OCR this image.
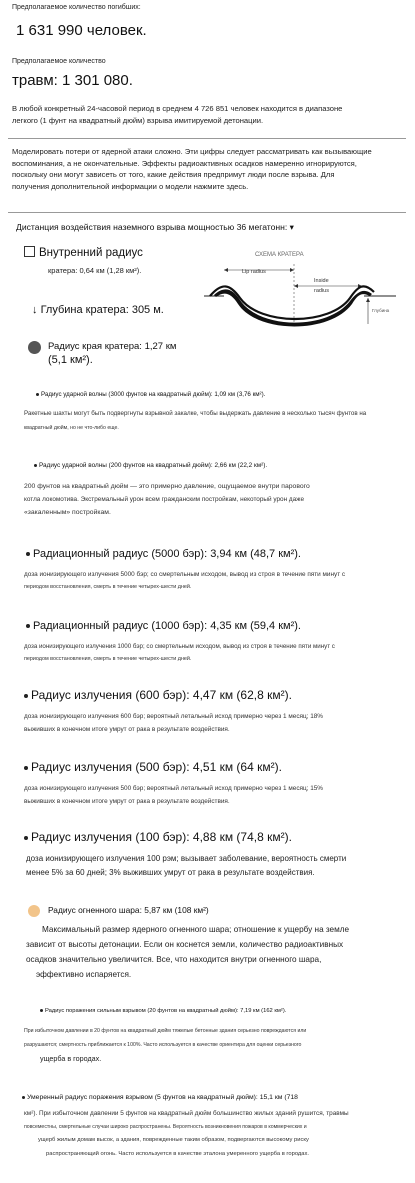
Предполагаемое количество погибших:
1 631 990 человек.
Предполагаемое количество
травм: 1 301 080.
В любой конкретный 24-часовой период в среднем 4 726 851 человек находится в диапазоне
легкого (1 фунт на квадратный дюйм) взрыва имитируемой детонации.
Моделировать потери от ядерной атаки сложно. Эти цифры следует рассматривать как вызывающие
воспоминания, а не окончательные. Эффекты радиоактивных осадков намеренно игнорируются,
поскольку они могут зависеть от того, какие действия предпримут люди после взрыва. Для
получения дополнительной информации о модели нажмите здесь.
Дистанция воздействия наземного взрыва мощностью 36 мегатонн: ▾
Внутренний радиус
кратера: 0,64 км (1,28 км²).
СХЕМА КРАТЕРА
Lip radius
Inside
radius
Глубина
↓ Глубина кратера: 305 м.
Радиус края кратера: 1,27 км
(5,1 км²).
Радиус ударной волны (3000 фунтов на квадратный дюйм): 1,09 км (3,76 км²).
Ракетные шахты могут быть подвергнуты взрывной закалке, чтобы выдержать давление в несколько тысяч фунтов на
квадратный дюйм, но не что-либо еще.
Радиус ударной волны (200 фунтов на квадратный дюйм): 2,66 км (22,2 км²).
200 фунтов на квадратный дюйм — это примерно давление, ощущаемое внутри парового
котла локомотива. Экстремальный урон всем гражданским постройкам, некоторый урон даже
«закаленным» постройкам.
Радиационный радиус (5000 бэр): 3,94 км (48,7 км²).
доза ионизирующего излучения 5000 бэр; со смертельным исходом, вывод из строя в течение пяти минут с
периодом восстановления, смерть в течение четырех-шести дней.
Радиационный радиус (1000 бэр): 4,35 км (59,4 км²).
доза ионизирующего излучения 1000 бэр; со смертельным исходом, вывод из строя в течение пяти минут с
периодом восстановления, смерть в течение четырех-шести дней.
Радиус излучения (600 бэр): 4,47 км (62,8 км²).
доза ионизирующего излучения 600 бэр; вероятный летальный исход примерно через 1 месяц; 18%
выживших в конечном итоге умрут от рака в результате воздействия.
Радиус излучения (500 бэр): 4,51 км (64 км²).
доза ионизирующего излучения 500 бэр; вероятный летальный исход примерно через 1 месяц; 15%
выживших в конечном итоге умрут от рака в результате воздействия.
Радиус излучения (100 бэр): 4,88 км (74,8 км²).
доза ионизирующего излучения 100 рэм; вызывает заболевание, вероятность смерти
менее 5% за 60 дней; 3% выживших умрут от рака в результате воздействия.
Радиус огненного шара: 5,87 км (108 км²)
Максимальный размер ядерного огненного шара; отношение к ущербу на земле
зависит от высоты детонации. Если он коснется земли, количество радиоактивных
осадков значительно увеличится. Все, что находится внутри огненного шара,
эффективно испаряется.
Радиус поражения сильным взрывом (20 фунтов на квадратный дюйм): 7,19 км (162 км²).
При избыточном давлении в 20 фунтов на квадратный дюйм тяжелые бетонные здания серьезно повреждаются или
разрушаются; смертность приближается к 100%. Часто используется в качестве ориентира для оценки серьезного
ущерба в городах.
Умеренный радиус поражения взрывом (5 фунтов на квадратный дюйм): 15,1 км (718
км²). При избыточном давлении 5 фунтов на квадратный дюйм большинство жилых зданий рушится, травмы
повсеместны, смертельные случаи широко распространены. Вероятность возникновения пожаров в коммерческих и
ущерб жилым домам высок, а здания, поврежденные таким образом, подвергаются высокому риску
распространяющий огонь. Часто используется в качестве эталона умеренного ущерба в городах.
